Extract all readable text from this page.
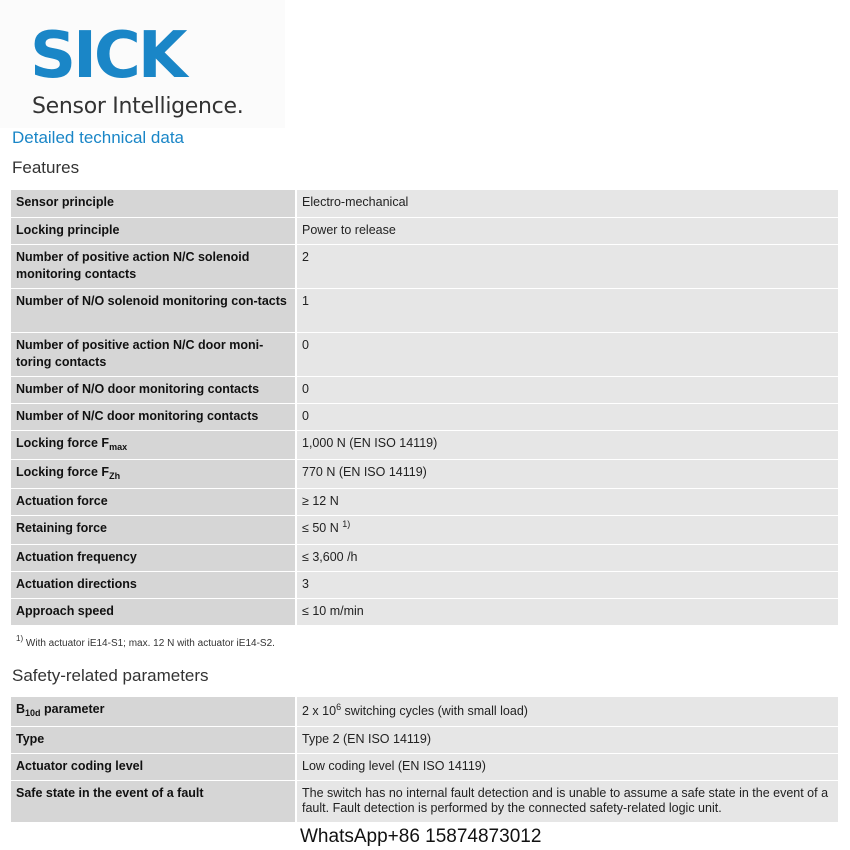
SICK
Sensor Intelligence.
Detailed technical data
Features
Sensor principle	Electro-mechanical

Locking principle	Power to release

Number of positive action N/C solenoid monitoring contacts	2

Number of N/O solenoid monitoring con-tacts	1

Number of positive action N/C door moni-toring contacts	0

Number of N/O door monitoring contacts	0

Number of N/C door monitoring contacts	0

Locking force $F_{max}$	1,000 N (EN ISO 14119)

Locking force $F_{Zh}$	770 N (EN ISO 14119)

Actuation force	≥ 12 N

Retaining force	≤ 50 N $^{1)}$

Actuation frequency	≤ 3,600 /h

Actuation directions	3

Approach speed	≤ 10 m/min
$^{1)}$ With actuator iE14-S1; max. 12 N with actuator iE14-S2.
Safety-related parameters
$B_{10d}$ parameter	2 x $10^6$ switching cycles (with small load)

Type	Type 2 (EN ISO 14119)

Actuator coding level	Low coding level (EN ISO 14119)

Safe state in the event of a fault	The switch has no internal fault detection and is unable to assume a safe state in the event of a fault. Fault detection is performed by the connected safety-related logic unit.
WhatsApp+86 15874873012
